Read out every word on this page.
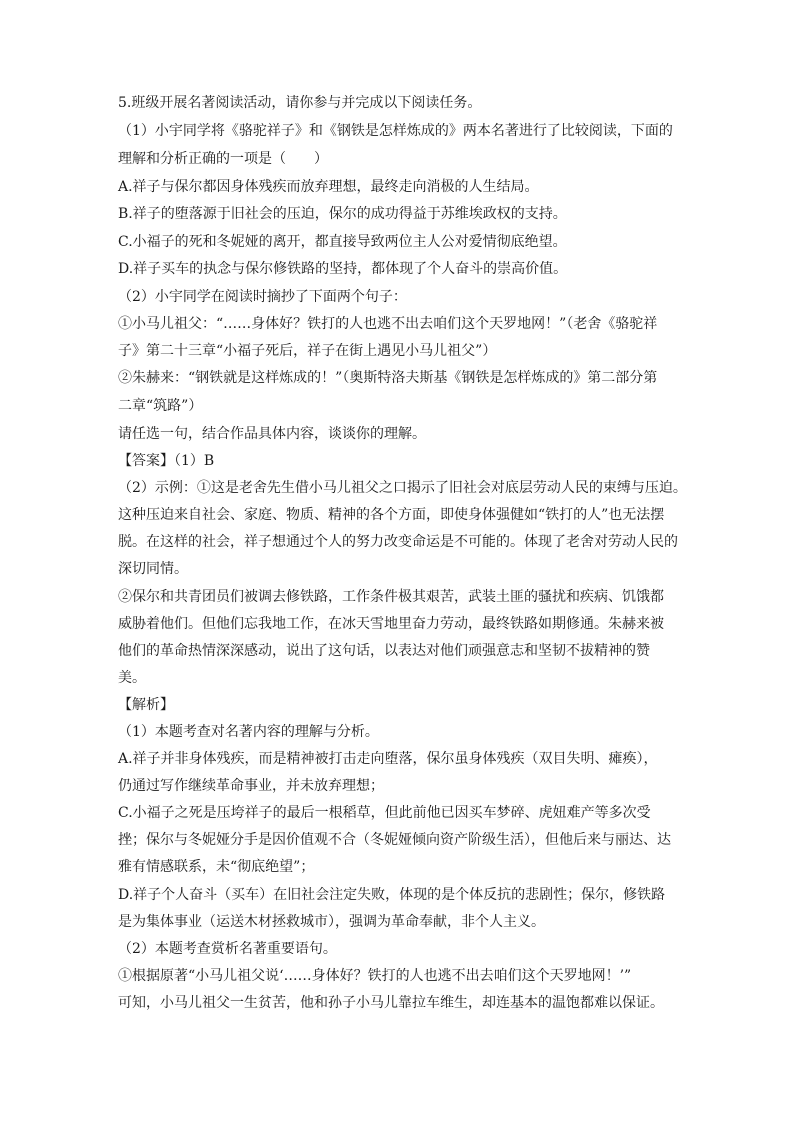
5.班级开展名著阅读活动，请你参与并完成以下阅读任务。
（1）小宇同学将《骆驼祥子》和《钢铁是怎样炼成的》两本名著进行了比较阅读，下面的
理解和分析正确的一项是（　　）
A.祥子与保尔都因身体残疾而放弃理想，最终走向消极的人生结局。
B.祥子的堕落源于旧社会的压迫，保尔的成功得益于苏维埃政权的支持。
C.小福子的死和冬妮娅的离开，都直接导致两位主人公对爱情彻底绝望。
D.祥子买车的执念与保尔修铁路的坚持，都体现了个人奋斗的崇高价值。
（2）小宇同学在阅读时摘抄了下面两个句子：
①小马儿祖父：“……身体好？铁打的人也逃不出去咱们这个天罗地网！”（老舍《骆驼祥
子》第二十三章“小福子死后，祥子在街上遇见小马儿祖父”）
②朱赫来：“钢铁就是这样炼成的！”（奥斯特洛夫斯基《钢铁是怎样炼成的》第二部分第
二章“筑路”）
请任选一句，结合作品具体内容，谈谈你的理解。
【答案】（1）B
（2）示例：①这是老舍先生借小马儿祖父之口揭示了旧社会对底层劳动人民的束缚与压迫。
这种压迫来自社会、家庭、物质、精神的各个方面，即使身体强健如“铁打的人”也无法摆
脱。在这样的社会，祥子想通过个人的努力改变命运是不可能的。体现了老舍对劳动人民的
深切同情。
②保尔和共青团员们被调去修铁路，工作条件极其艰苦，武装土匪的骚扰和疾病、饥饿都
威胁着他们。但他们忘我地工作，在冰天雪地里奋力劳动，最终铁路如期修通。朱赫来被
他们的革命热情深深感动，说出了这句话，以表达对他们顽强意志和坚韧不拔精神的赞
美。
【解析】
（1）本题考查对名著内容的理解与分析。
A.祥子并非身体残疾，而是精神被打击走向堕落，保尔虽身体残疾（双目失明、瘫痪），
仍通过写作继续革命事业，并未放弃理想；
C.小福子之死是压垮祥子的最后一根稻草，但此前他已因买车梦碎、虎妞难产等多次受
挫；保尔与冬妮娅分手是因价值观不合（冬妮娅倾向资产阶级生活），但他后来与丽达、达
雅有情感联系，未“彻底绝望”；
D.祥子个人奋斗（买车）在旧社会注定失败，体现的是个体反抗的悲剧性；保尔，修铁路
是为集体事业（运送木材拯救城市），强调为革命奉献，非个人主义。
（2）本题考查赏析名著重要语句。
①根据原著“小马儿祖父说‘……身体好？铁打的人也逃不出去咱们这个天罗地网！’”
可知，小马儿祖父一生贫苦，他和孙子小马儿靠拉车维生，却连基本的温饱都难以保证。
